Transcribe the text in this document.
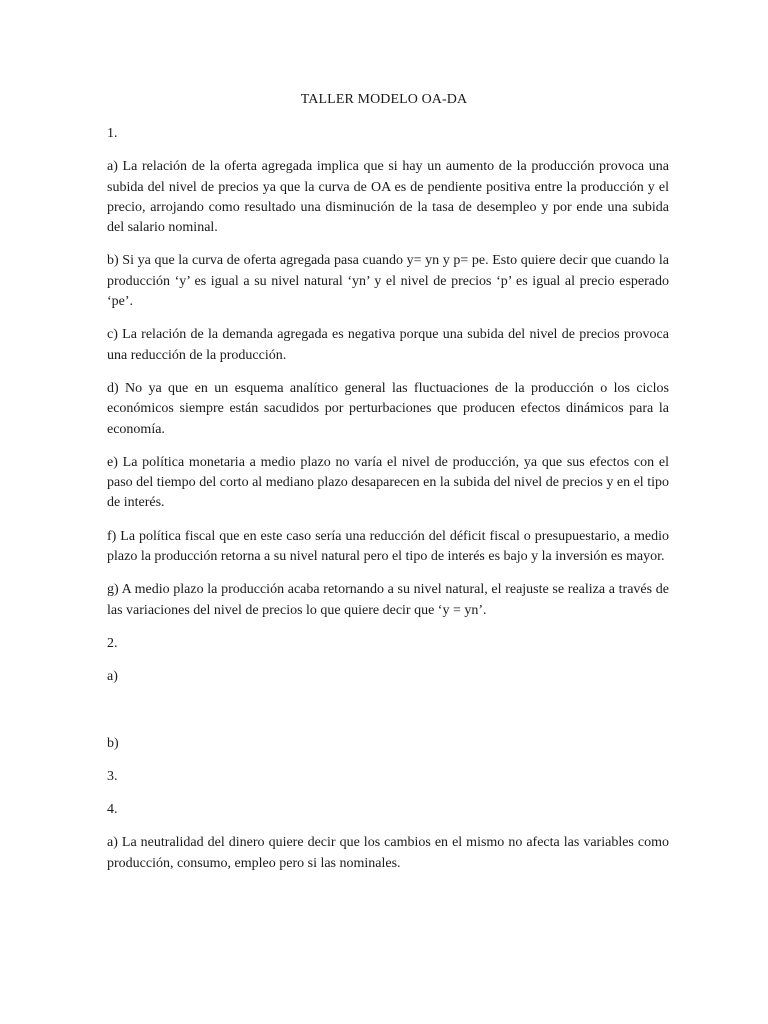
TALLER MODELO OA-DA

1.

a) La relación de la oferta agregada implica que si hay un aumento de la producción provoca una subida del nivel de precios ya que la curva de OA es de pendiente positiva entre la producción y el precio, arrojando como resultado una disminución de la tasa de desempleo y por ende una subida del salario nominal.

b) Si ya que la curva de oferta agregada pasa cuando y= yn y p= pe. Esto quiere decir que cuando la producción ‘y’ es igual a su nivel natural ‘yn’ y el nivel de precios ‘p’ es igual al precio esperado ‘pe’.

c) La relación de la demanda agregada es negativa porque una subida del nivel de precios provoca una reducción de la producción.

d) No ya que en un esquema analítico general las fluctuaciones de la producción o los ciclos económicos siempre están sacudidos por perturbaciones que producen efectos dinámicos para la economía.

e) La política monetaria a medio plazo no varía el nivel de producción, ya que sus efectos con el paso del tiempo del corto al mediano plazo desaparecen en la subida del nivel de precios y en el tipo de interés.

f) La política fiscal que en este caso sería una reducción del déficit fiscal o presupuestario, a medio plazo la producción retorna a su nivel natural pero el tipo de interés es bajo y la inversión es mayor.

g) A medio plazo la producción acaba retornando a su nivel natural, el reajuste se realiza a través de las variaciones del nivel de precios lo que quiere decir que ‘y = yn’.

2.

a)

b)

3.

4.

a) La neutralidad del dinero quiere decir que los cambios en el mismo no afecta las variables como producción, consumo, empleo pero si las nominales.
